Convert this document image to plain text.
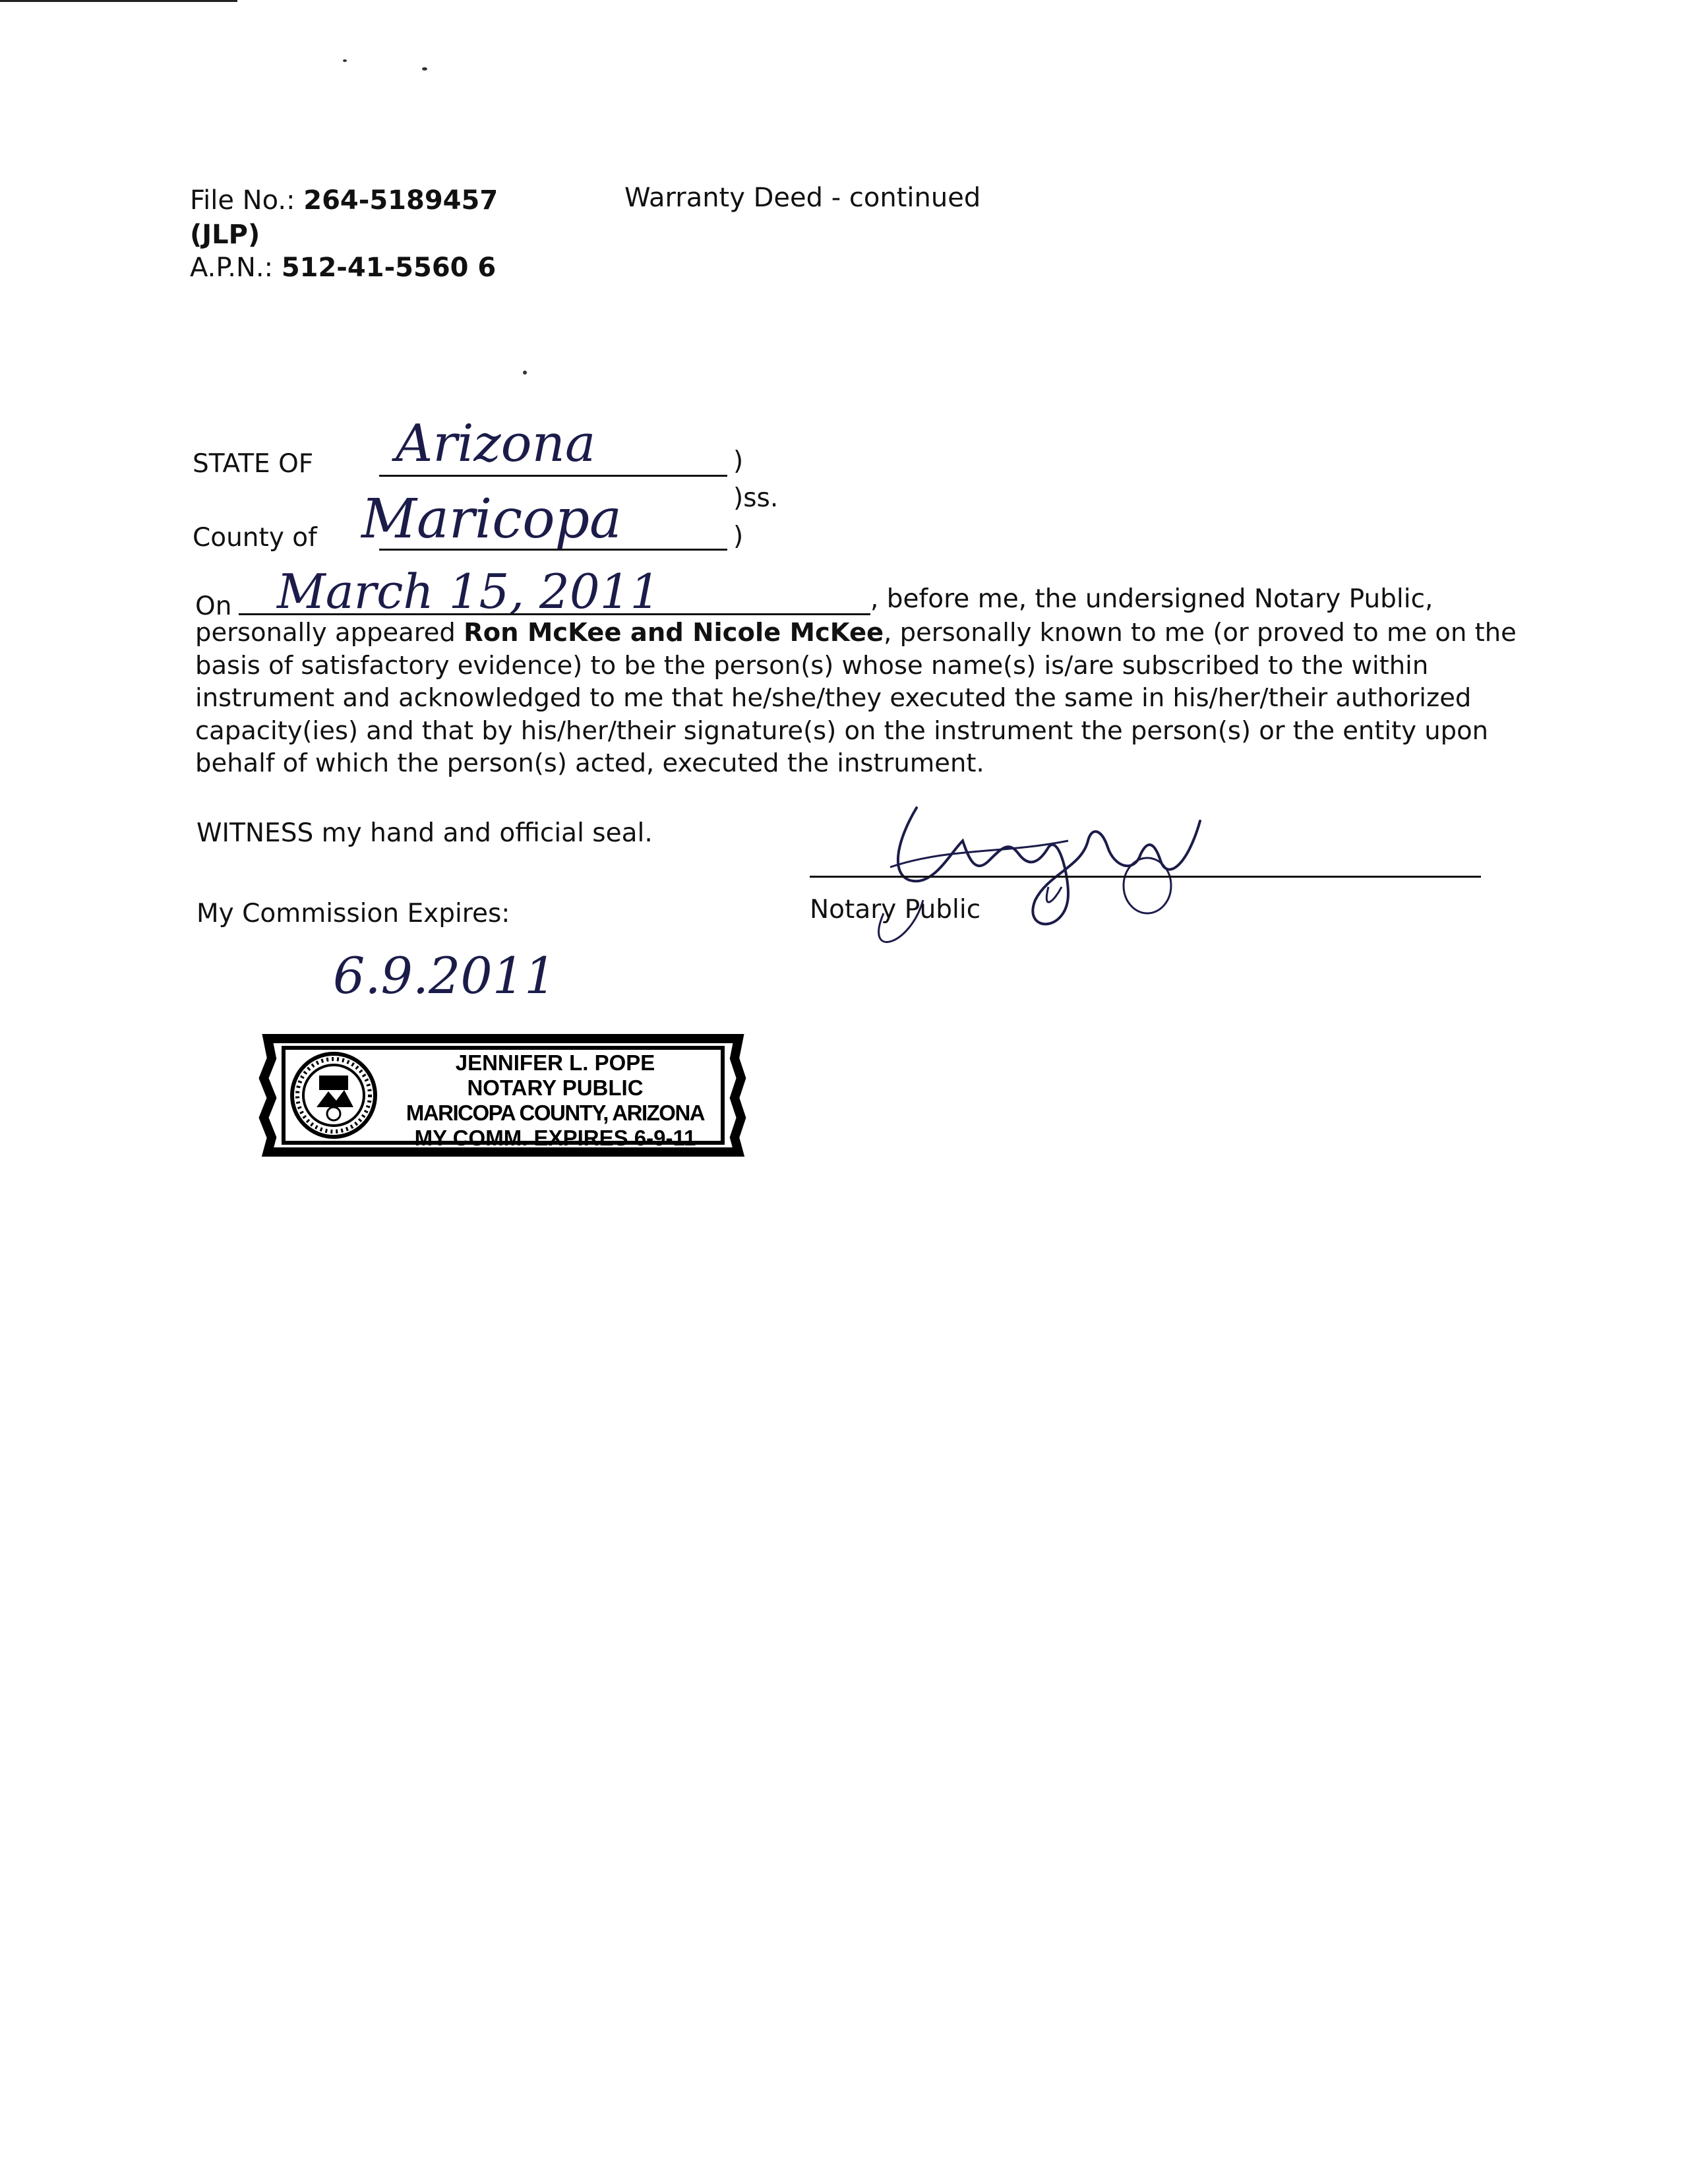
File No.: 264-5189457
(JLP)
A.P.N.: 512-41-5560 6
Warranty Deed - continued
STATE OF Arizona	)
)ss.
County of Maricopa	)
On March 15, 2011	, before me, the undersigned Notary Public,
personally appeared Ron McKee and Nicole McKee, personally known to me (or proved to me on the
basis of satisfactory evidence) to be the person(s) whose name(s) is/are subscribed to the within
instrument and acknowledged to me that he/she/they executed the same in his/her/their authorized
capacity(ies) and that by his/her/their signature(s) on the instrument the person(s) or the entity upon
behalf of which the person(s) acted, executed the instrument.
WITNESS my hand and official seal.
My Commission Expires:
6.9.2011
Notary Public
JENNIFER L. POPE
NOTARY PUBLIC
MARICOPA COUNTY, ARIZONA
MY COMM. EXPIRES 6-9-11
